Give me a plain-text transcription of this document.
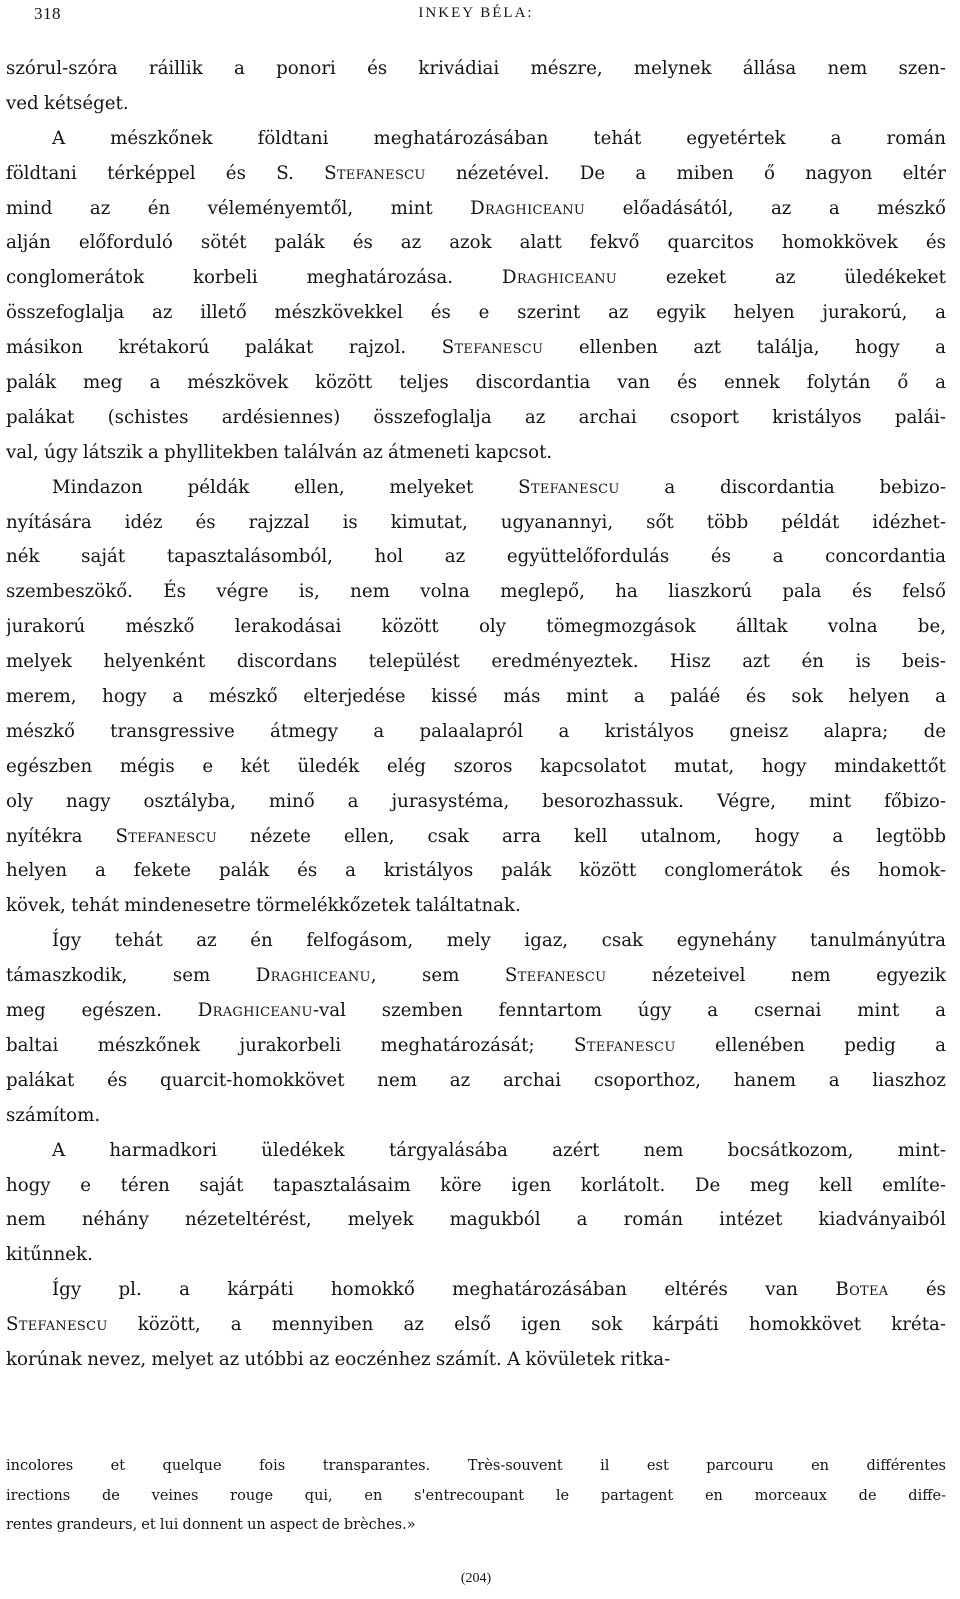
318	INKEY BÉLA:
szórul-szóra ráillik a ponori és krivádiai mészre, melynek állása nem szen-
ved kétséget.
A mészkőnek földtani meghatározásában tehát egyetértek a román
földtani térképpel és S. Stefanescu nézetével. De a miben ő nagyon eltér
mind az én véleményemtől, mint Draghiceanu előadásától, az a mészkő
alján előforduló sötét palák és az azok alatt fekvő quarcitos homokkövek és
conglomerátok korbeli meghatározása. Draghiceanu ezeket az üledékeket
összefoglalja az illető mészkövekkel és e szerint az egyik helyen jurakorú, a
másikon krétakorú palákat rajzol. Stefanescu ellenben azt találja, hogy a
palák meg a mészkövek között teljes discordantia van és ennek folytán ő a
palákat (schistes ardésiennes) összefoglalja az archai csoport kristályos palái-
val, úgy látszik a phyllitekben találván az átmeneti kapcsot.
Mindazon példák ellen, melyeket Stefanescu a discordantia bebizo-
nyítására idéz és rajzzal is kimutat, ugyanannyi, sőt több példát idézhet-
nék saját tapasztalásomból, hol az együttelőfordulás és a concordantia
szembeszökő. És végre is, nem volna meglepő, ha liaszkorú pala és felső
jurakorú mészkő lerakodásai között oly tömegmozgások álltak volna be,
melyek helyenként discordans települést eredményeztek. Hisz azt én is beis-
merem, hogy a mészkő elterjedése kissé más mint a paláé és sok helyen a
mészkő transgressive átmegy a palaalapról a kristályos gneisz alapra; de
egészben mégis e két üledék elég szoros kapcsolatot mutat, hogy mindakettőt
oly nagy osztályba, minő a jurasystéma, besorozhassuk. Végre, mint főbizo-
nyítékra Stefanescu nézete ellen, csak arra kell utalnom, hogy a legtöbb
helyen a fekete palák és a kristályos palák között conglomerátok és homok-
kövek, tehát mindenesetre törmelékkőzetek találtatnak.
Így tehát az én felfogásom, mely igaz, csak egynehány tanulmányútra
támaszkodik, sem Draghiceanu, sem Stefanescu nézeteivel nem egyezik
meg egészen. Draghiceanu-val szemben fenntartom úgy a csernai mint a
baltai mészkőnek jurakorbeli meghatározását; Stefanescu ellenében pedig a
palákat és quarcit-homokkövet nem az archai csoporthoz, hanem a liaszhoz
számítom.
A harmadkori üledékek tárgyalásába azért nem bocsátkozom, mint-
hogy e téren saját tapasztalásaim köre igen korlátolt. De meg kell említe-
nem néhány nézeteltérést, melyek magukból a román intézet kiadványaiból
kitűnnek.
Így pl. a kárpáti homokkő meghatározásában eltérés van Botea és
Stefanescu között, a mennyiben az első igen sok kárpáti homokkövet kréta-
korúnak nevez, melyet az utóbbi az eoczénhez számít. A kövületek ritka-
incolores et quelque fois transparantes. Très-souvent il est parcouru en différentes
irections de veines rouge qui, en s'entrecoupant le partagent en morceaux de diffe-
rentes grandeurs, et lui donnent un aspect de brèches.»
(204)
